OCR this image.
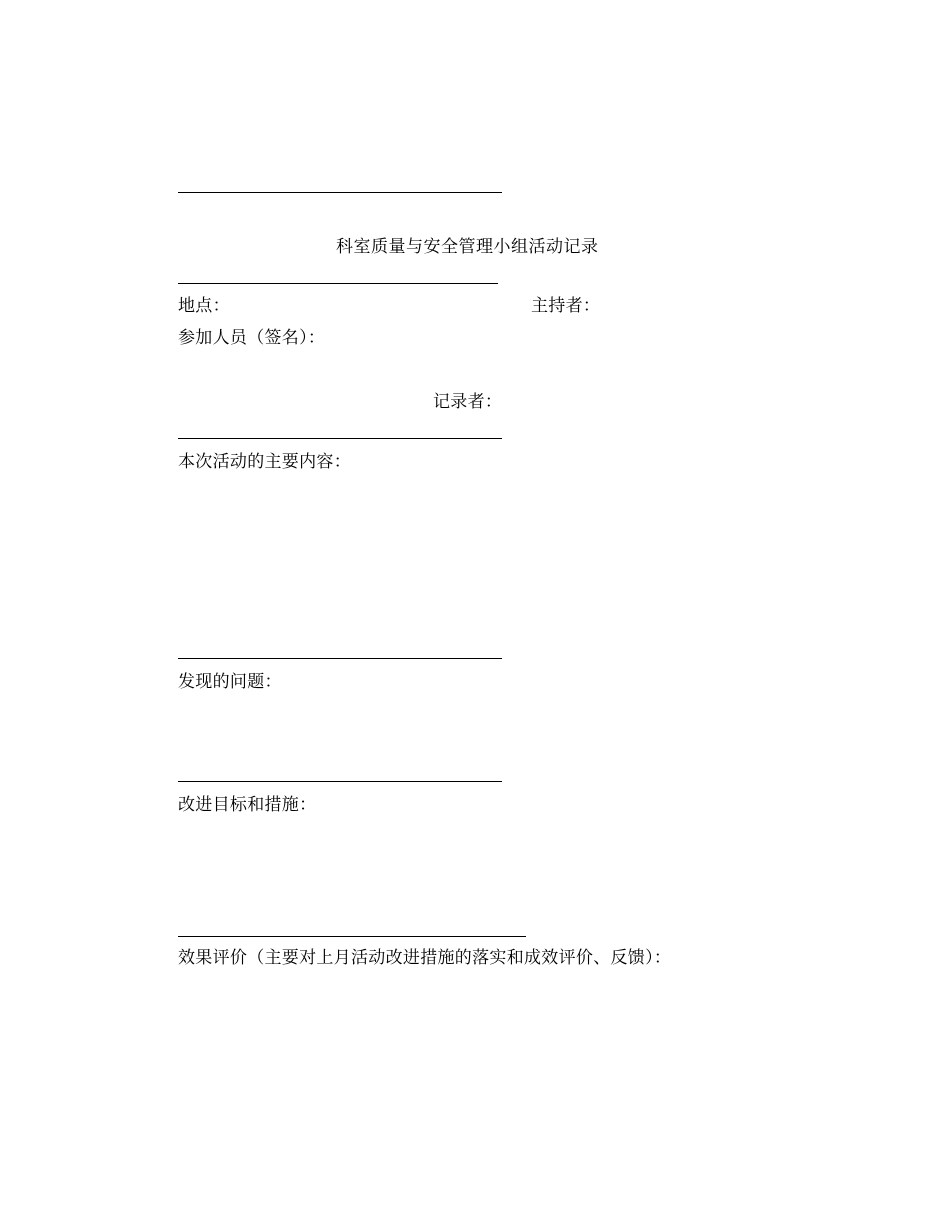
科室质量与安全管理小组活动记录
地点：	主持者：
参加人员（签名）：
记录者：
本次活动的主要内容：
发现的问题：
改进目标和措施：
效果评价（主要对上月活动改进措施的落实和成效评价、反馈）：
